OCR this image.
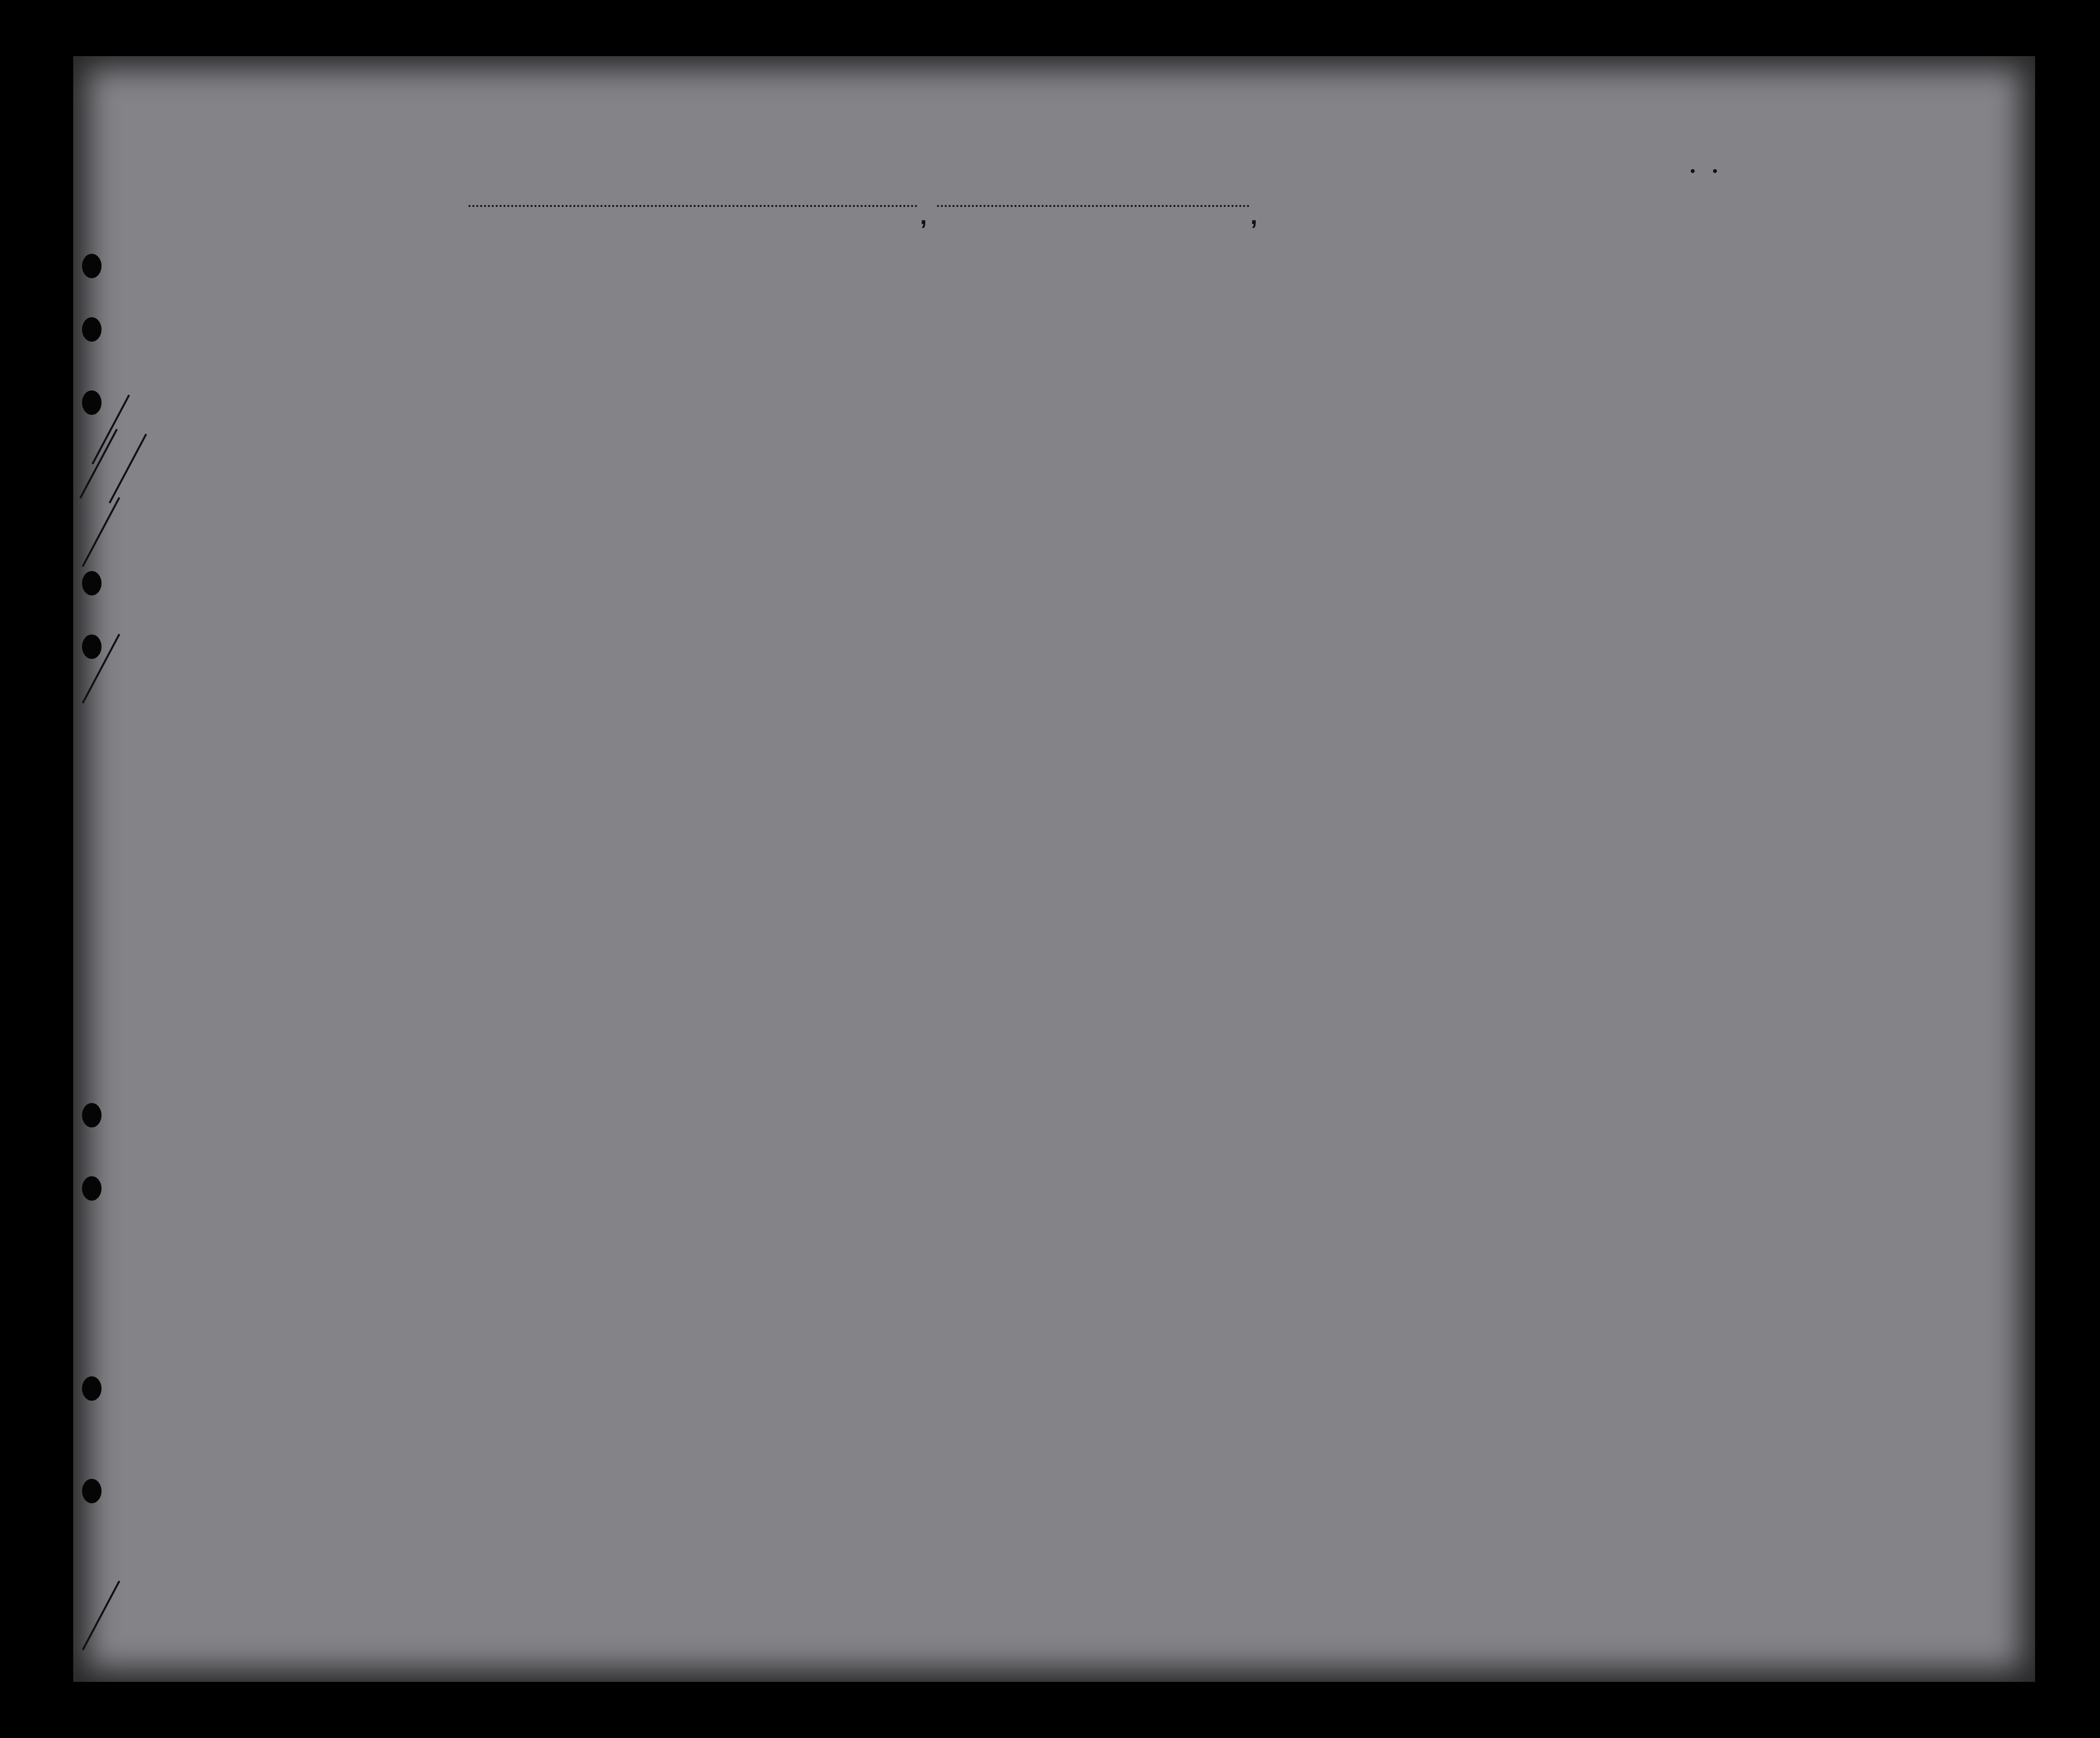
,	,
• •
